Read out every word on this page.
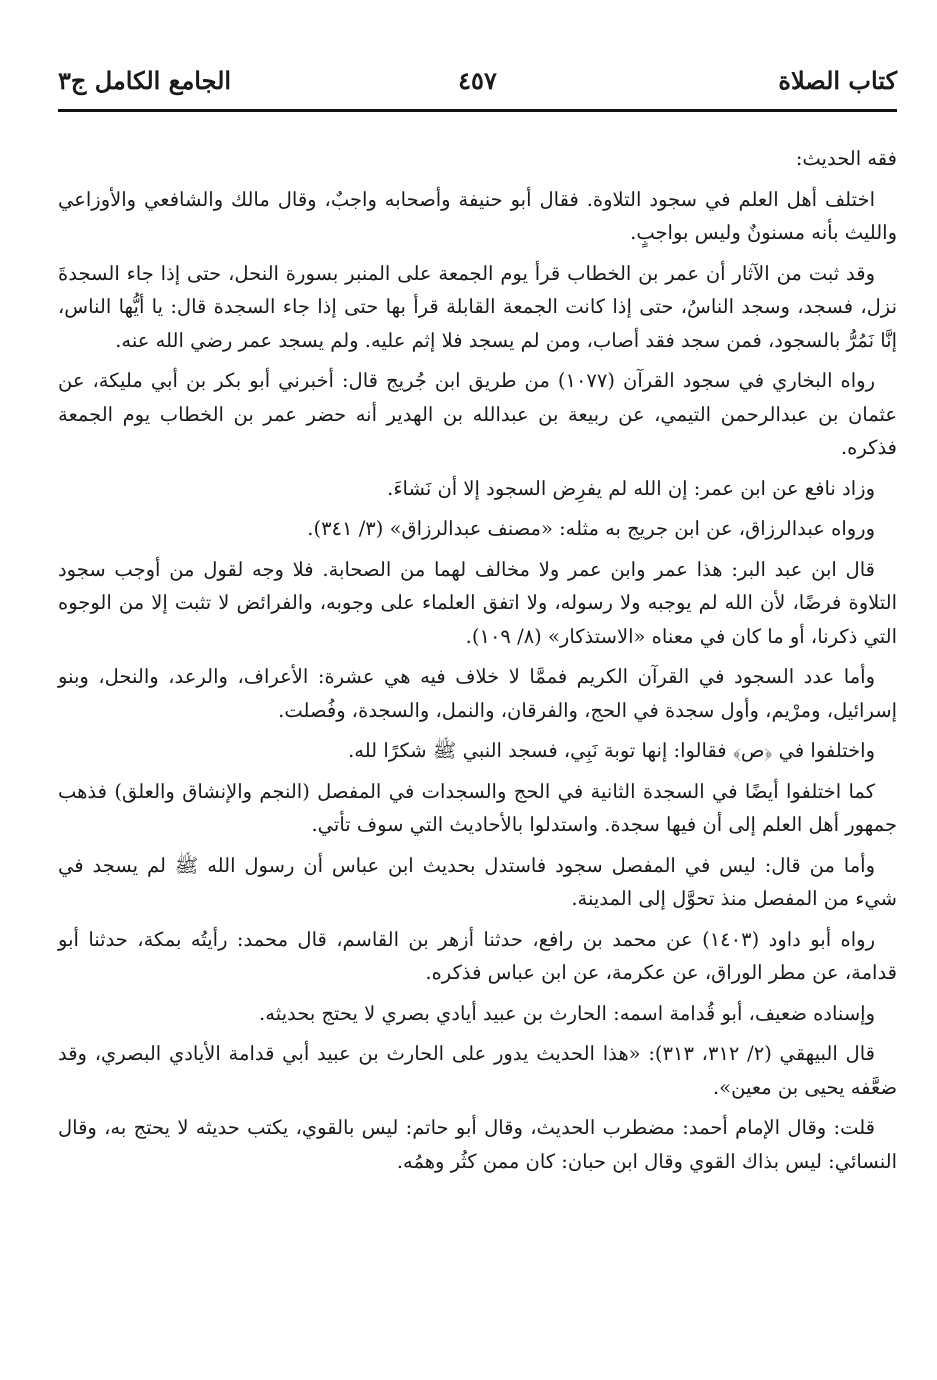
كتاب الصلاة
٤٥٧
الجامع الكامل ج٣

فقه الحديث:

اختلف أهل العلم في سجود التلاوة. فقال أبو حنيفة وأصحابه واجبٌ، وقال مالك والشافعي والأوزاعي والليث بأنه مسنونٌ وليس بواجبٍ.

وقد ثبت من الآثار أن عمر بن الخطاب قرأ يوم الجمعة على المنبر بسورة النحل، حتى إذا جاء السجدةَ نزل، فسجد، وسجد الناسُ، حتى إذا كانت الجمعة القابلة قرأ بها حتى إذا جاء السجدة قال: يا أيُّها الناس، إنَّا نَمُرُّ بالسجود، فمن سجد فقد أصاب، ومن لم يسجد فلا إثم عليه. ولم يسجد عمر رضي الله عنه.

رواه البخاري في سجود القرآن (١٠٧٧) من طريق ابن جُريج قال: أخبرني أبو بكر بن أبي مليكة، عن عثمان بن عبدالرحمن التيمي، عن ربيعة بن عبدالله بن الهدير أنه حضر عمر بن الخطاب يوم الجمعة فذكره.

وزاد نافع عن ابن عمر: إن الله لم يفرِض السجود إلا أن نَشاءَ.

ورواه عبدالرزاق، عن ابن جريج به مثله: «مصنف عبدالرزاق» (٣/ ٣٤١).

قال ابن عبد البر: هذا عمر وابن عمر ولا مخالف لهما من الصحابة. فلا وجه لقول من أوجب سجود التلاوة فرضًا، لأن الله لم يوجبه ولا رسوله، ولا اتفق العلماء على وجوبه، والفرائض لا تثبت إلا من الوجوه التي ذكرنا، أو ما كان في معناه «الاستذكار» (٨/ ١٠٩).

وأما عدد السجود في القرآن الكريم فممَّا لا خلاف فيه هي عشرة: الأعراف، والرعد، والنحل، وبنو إسرائيل، ومرْيم، وأول سجدة في الحج، والفرقان، والنمل، والسجدة، وفُصلت.

واختلفوا في ﴿ص﴾ فقالوا: إنها توبة نَبِي، فسجد النبي ﷺ شكرًا لله.

كما اختلفوا أيضًا في السجدة الثانية في الحج والسجدات في المفصل (النجم والإنشاق والعلق) فذهب جمهور أهل العلم إلى أن فيها سجدة. واستدلوا بالأحاديث التي سوف تأتي.

وأما من قال: ليس في المفصل سجود فاستدل بحديث ابن عباس أن رسول الله ﷺ لم يسجد في شيء من المفصل منذ تحوَّل إلى المدينة.

رواه أبو داود (١٤٠٣) عن محمد بن رافع، حدثنا أزهر بن القاسم، قال محمد: رأيتُه بمكة، حدثنا أبو قدامة، عن مطر الوراق، عن عكرمة، عن ابن عباس فذكره.

وإسناده ضعيف، أبو قُدامة اسمه: الحارث بن عبيد أيادي بصري لا يحتج بحديثه.

قال البيهقي (٢/ ٣١٢، ٣١٣): «هذا الحديث يدور على الحارث بن عبيد أبي قدامة الأيادي البصري، وقد ضعَّفه يحيى بن معين».

قلت: وقال الإمام أحمد: مضطرب الحديث، وقال أبو حاتم: ليس بالقوي، يكتب حديثه لا يحتج به، وقال النسائي: ليس بذاك القوي وقال ابن حبان: كان ممن كثُر وهمُه.
